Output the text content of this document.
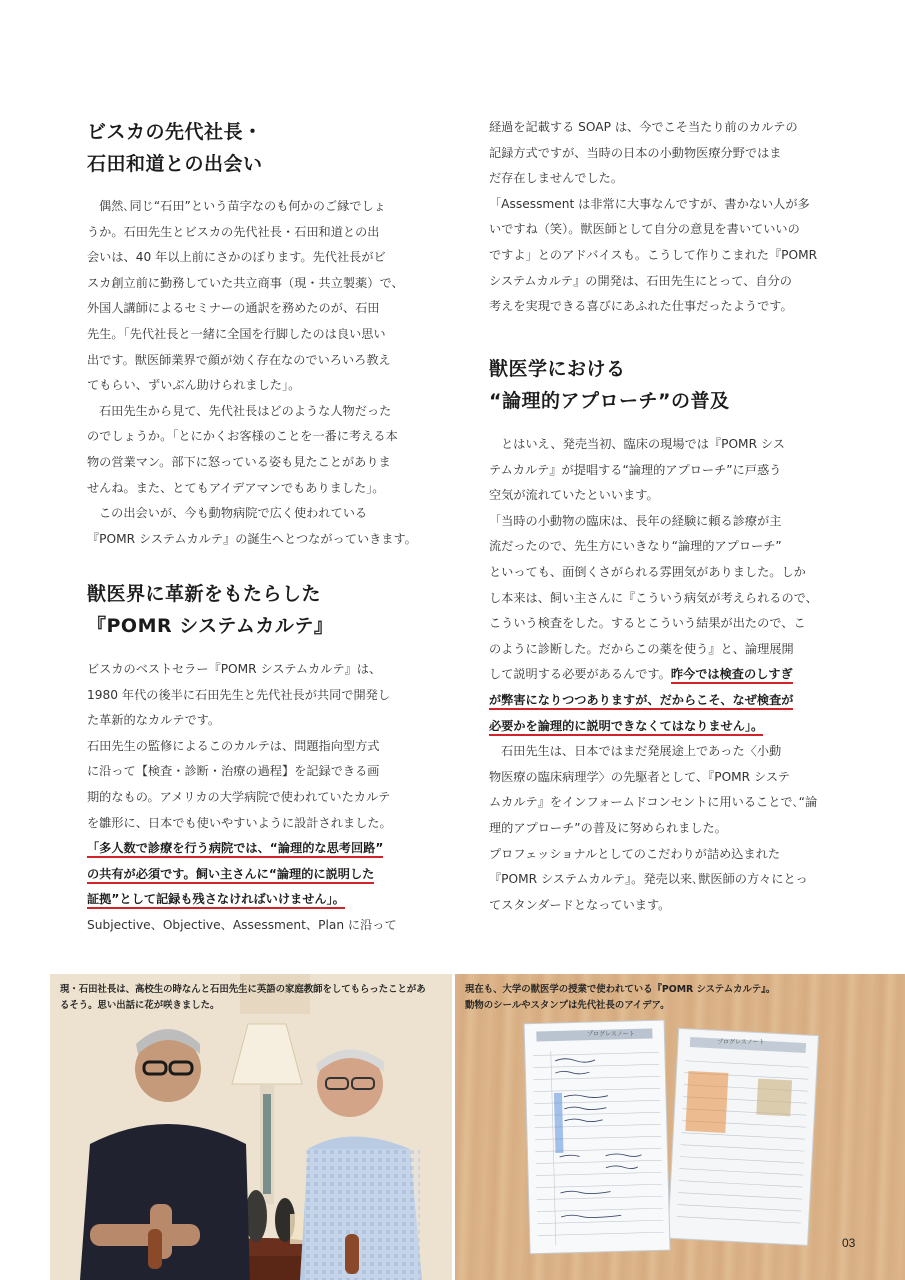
ビスカの先代社長・
石田和道との出会い
偶然､同じ“石田”という苗字なのも何かのご縁でしょ
うか。石田先生とビスカの先代社長・石田和道との出
会いは、40 年以上前にさかのぼります。先代社長がビ
スカ創立前に勤務していた共立商事（現・共立製薬）で、
外国人講師によるセミナーの通訳を務めたのが、石田
先生。「先代社長と一緒に全国を行脚したのは良い思い
出です。獣医師業界で顔が効く存在なのでいろいろ教え
てもらい、ずいぶん助けられました」。
石田先生から見て、先代社長はどのような人物だった
のでしょうか。「とにかくお客様のことを一番に考える本
物の営業マン。部下に怒っている姿も見たことがありま
せんね。また、とてもアイデアマンでもありました」。
この出会いが、今も動物病院で広く使われている
『POMR システムカルテ』の誕生へとつながっていきます。
獣医界に革新をもたらした
『POMR システムカルテ』
ビスカのベストセラー『POMR システムカルテ』は、
1980 年代の後半に石田先生と先代社長が共同で開発し
た革新的なカルテです。
石田先生の監修によるこのカルテは、問題指向型方式
に沿って【検査・診断・治療の過程】を記録できる画
期的なもの。アメリカの大学病院で使われていたカルテ
を雛形に、日本でも使いやすいように設計されました。
「多人数で診療を行う病院では、“論理的な思考回路”
の共有が必須です。飼い主さんに“論理的に説明した
証拠”として記録も残さなければいけません」。
Subjective、Objective、Assessment、Plan に沿って
経過を記載する SOAP は、今でこそ当たり前のカルテの
記録方式ですが、当時の日本の小動物医療分野ではま
だ存在しませんでした。
「Assessment は非常に大事なんですが、書かない人が多
いですね（笑）。獣医師として自分の意見を書いていいの
ですよ」とのアドバイスも。こうして作りこまれた『POMR
システムカルテ』の開発は、石田先生にとって、自分の
考えを実現できる喜びにあふれた仕事だったようです。
獣医学における
“論理的アプローチ”の普及
とはいえ、発売当初、臨床の現場では『POMR シス
テムカルテ』が提唱する“論理的アプローチ”に戸惑う
空気が流れていたといいます。
「当時の小動物の臨床は、長年の経験に頼る診療が主
流だったので、先生方にいきなり“論理的アプローチ”
といっても、面倒くさがられる雰囲気がありました。しか
し本来は、飼い主さんに『こういう病気が考えられるので、
こういう検査をした。するとこういう結果が出たので、こ
のように診断した。だからこの薬を使う』と、論理展開
して説明する必要があるんです。昨今では検査のしすぎ
が弊害になりつつありますが、だからこそ、なぜ検査が
必要かを論理的に説明できなくてはなりません」。
石田先生は、日本ではまだ発展途上であった〈小動
物医療の臨床病理学〉の先駆者として、『POMR システ
ムカルテ』をインフォームドコンセントに用いることで､“論
理的アプローチ”の普及に努められました。
プロフェッショナルとしてのこだわりが詰め込まれた
『POMR システムカルテ』。発売以来､獣医師の方々にとっ
てスタンダードとなっています。
現・石田社長は、高校生の時なんと石田先生に英語の家庭教師をしてもらったことがあ
るそう。思い出話に花が咲きました。
プログレスノート
プログレスノート
現在も、大学の獣医学の授業で使われている『POMR システムカルテ』。
動物のシールやスタンプは先代社長のアイデア。
03
